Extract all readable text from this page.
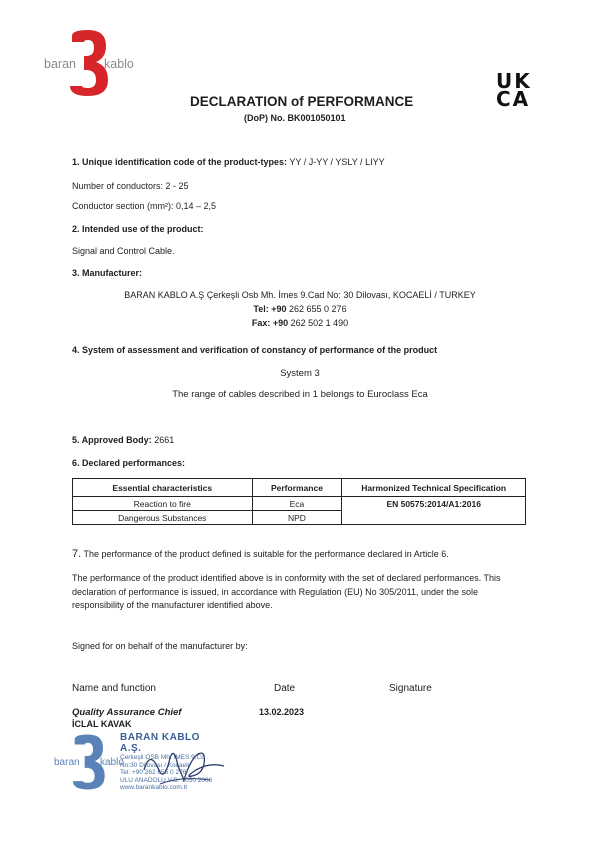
baran kablo
UK
CA
DECLARATION of PERFORMANCE
(DoP) No. BK001050101
1. Unique identification code of the product-types: YY / J-YY / YSLY / LIYY
Number of conductors: 2 - 25
Conductor section (mm²): 0,14 – 2,5
2. Intended use of the product:
Signal and Control Cable.
3. Manufacturer:
BARAN KABLO A.Ş Çerkeşli Osb Mh. İmes 9.Cad No: 30 Dilovası, KOCAELİ / TURKEY
Tel: +90 262 655 0 276
Fax: +90 262 502 1 490
4. System of assessment and verification of constancy of performance of the product
System 3
The range of cables described in 1 belongs to Euroclass Eca
5. Approved Body: 2661
6. Declared performances:
Essential characteristics	Performance	Harmonized Technical Specification
Reaction to fire	Eca	EN 50575:2014/A1:2016
Dangerous Substances	NPD	
7. The performance of the product defined is suitable for the performance declared in Article 6.
The performance of the product identified above is in conformity with the set of declared performances. This
declaration of performance is issued, in accordance with Regulation (EU) No 305/2011, under the sole
responsibility of the manufacturer identified above.
Signed for on behalf of the manufacturer by:
Name and function	Date	Signature
Quality Assurance Chief	13.02.2023
İCLAL KAVAK
baran kablo
BARAN KABLO A.Ş.
Çerkeşli OSB Mh. İMES 9.Cd
No:30 Dilovası / Kocaeli
Tel: +90 262 655 0 276
ULU ANADOLU V.D. 1050 2006
www.barankablo.com.tr
